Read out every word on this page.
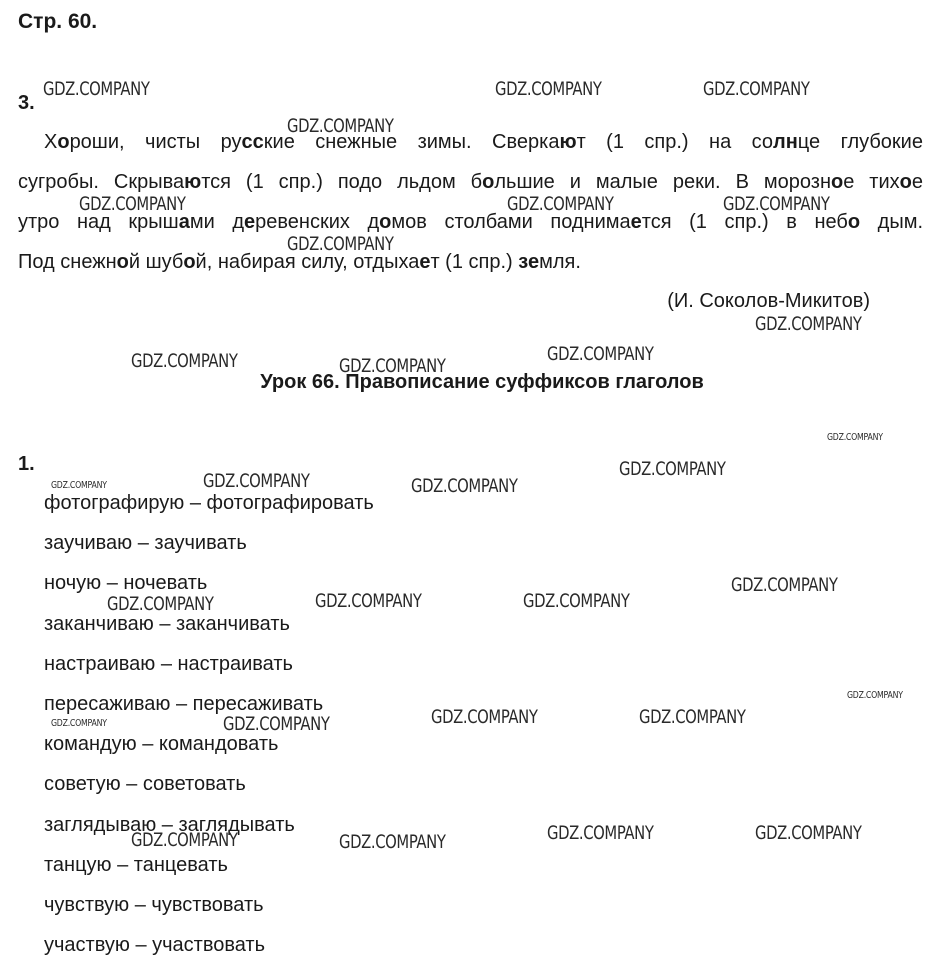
Стр. 60.
3.
Хороши, чисты русские снежные зимы. Сверкают (1 спр.) на солнце глубокие
сугробы. Скрываются (1 спр.) подо льдом большие и малые реки. В морозное тихое
утро над крышами деревенских домов столбами поднимается (1 спр.) в небо дым.
Под снежной шубой, набирая силу, отдыхает (1 спр.) земля.
(И. Соколов-Микитов)
Урок 66. Правописание суффиксов глаголов
1.
фотографирую – фотографировать
заучиваю – заучивать
ночую – ночевать
заканчиваю – заканчивать
настраиваю – настраивать
пересаживаю – пересаживать
командую – командовать
советую – советовать
заглядываю – заглядывать
танцую – танцевать
чувствую – чувствовать
участвую – участвовать
GDZ.COMPANY	GDZ.COMPANY	GDZ.COMPANY
GDZ.COMPANY
GDZ.COMPANY	GDZ.COMPANY	GDZ.COMPANY
GDZ.COMPANY
GDZ.COMPANY
GDZ.COMPANY	GDZ.COMPANY
GDZ.COMPANY
GDZ.COMPANY
GDZ.COMPANY	GDZ.COMPANY	GDZ.COMPANY
GDZ.COMPANY
GDZ.COMPANY	GDZ.COMPANY	GDZ.COMPANY
GDZ.COMPANY
GDZ.COMPANY
GDZ.COMPANY	GDZ.COMPANY	GDZ.COMPANY	GDZ.COMPANY
GDZ.COMPANY	GDZ.COMPANY	GDZ.COMPANY	GDZ.COMPANY
